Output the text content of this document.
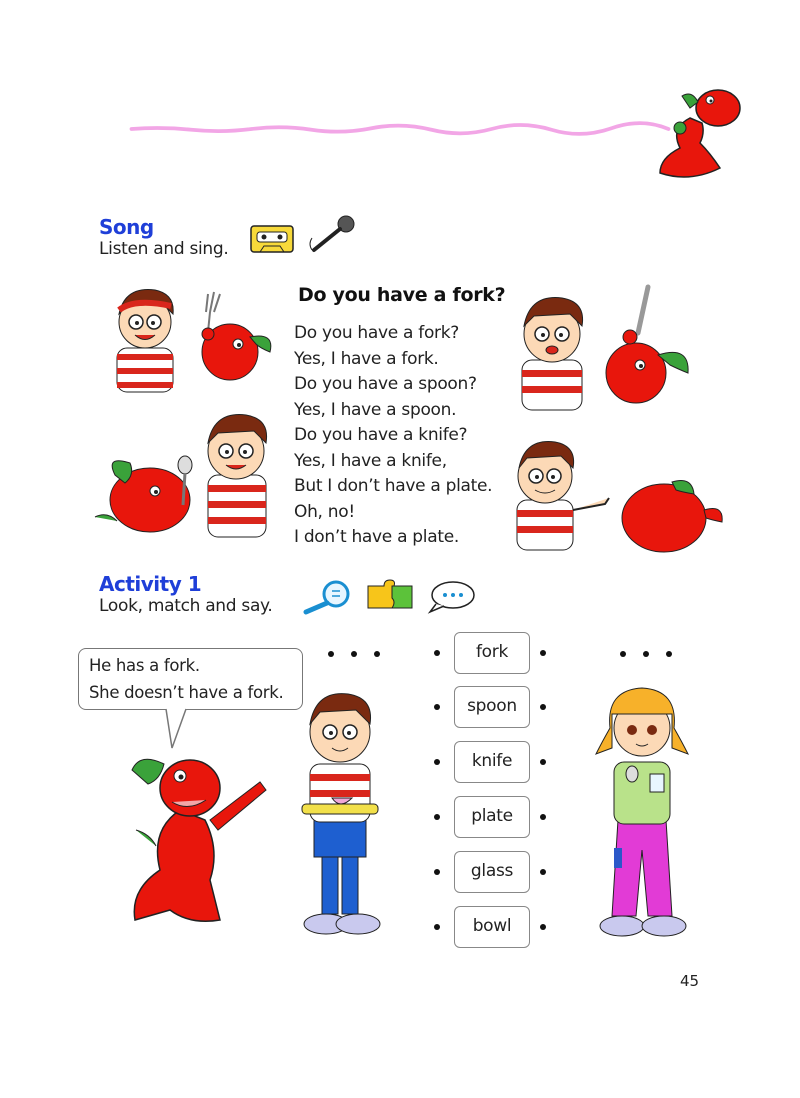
Song
Listen and sing.
Do you have a fork?
Do you have a fork?
Yes, I have a fork.
Do you have a spoon?
Yes, I have a spoon.
Do you have a knife?
Yes, I have a knife,
But I don’t have a plate.
Oh, no!
I don’t have a plate.
Activity 1
Look, match and say.
He has a fork.
She doesn’t have a fork.
fork
spoon
knife
plate
glass
bowl
45
